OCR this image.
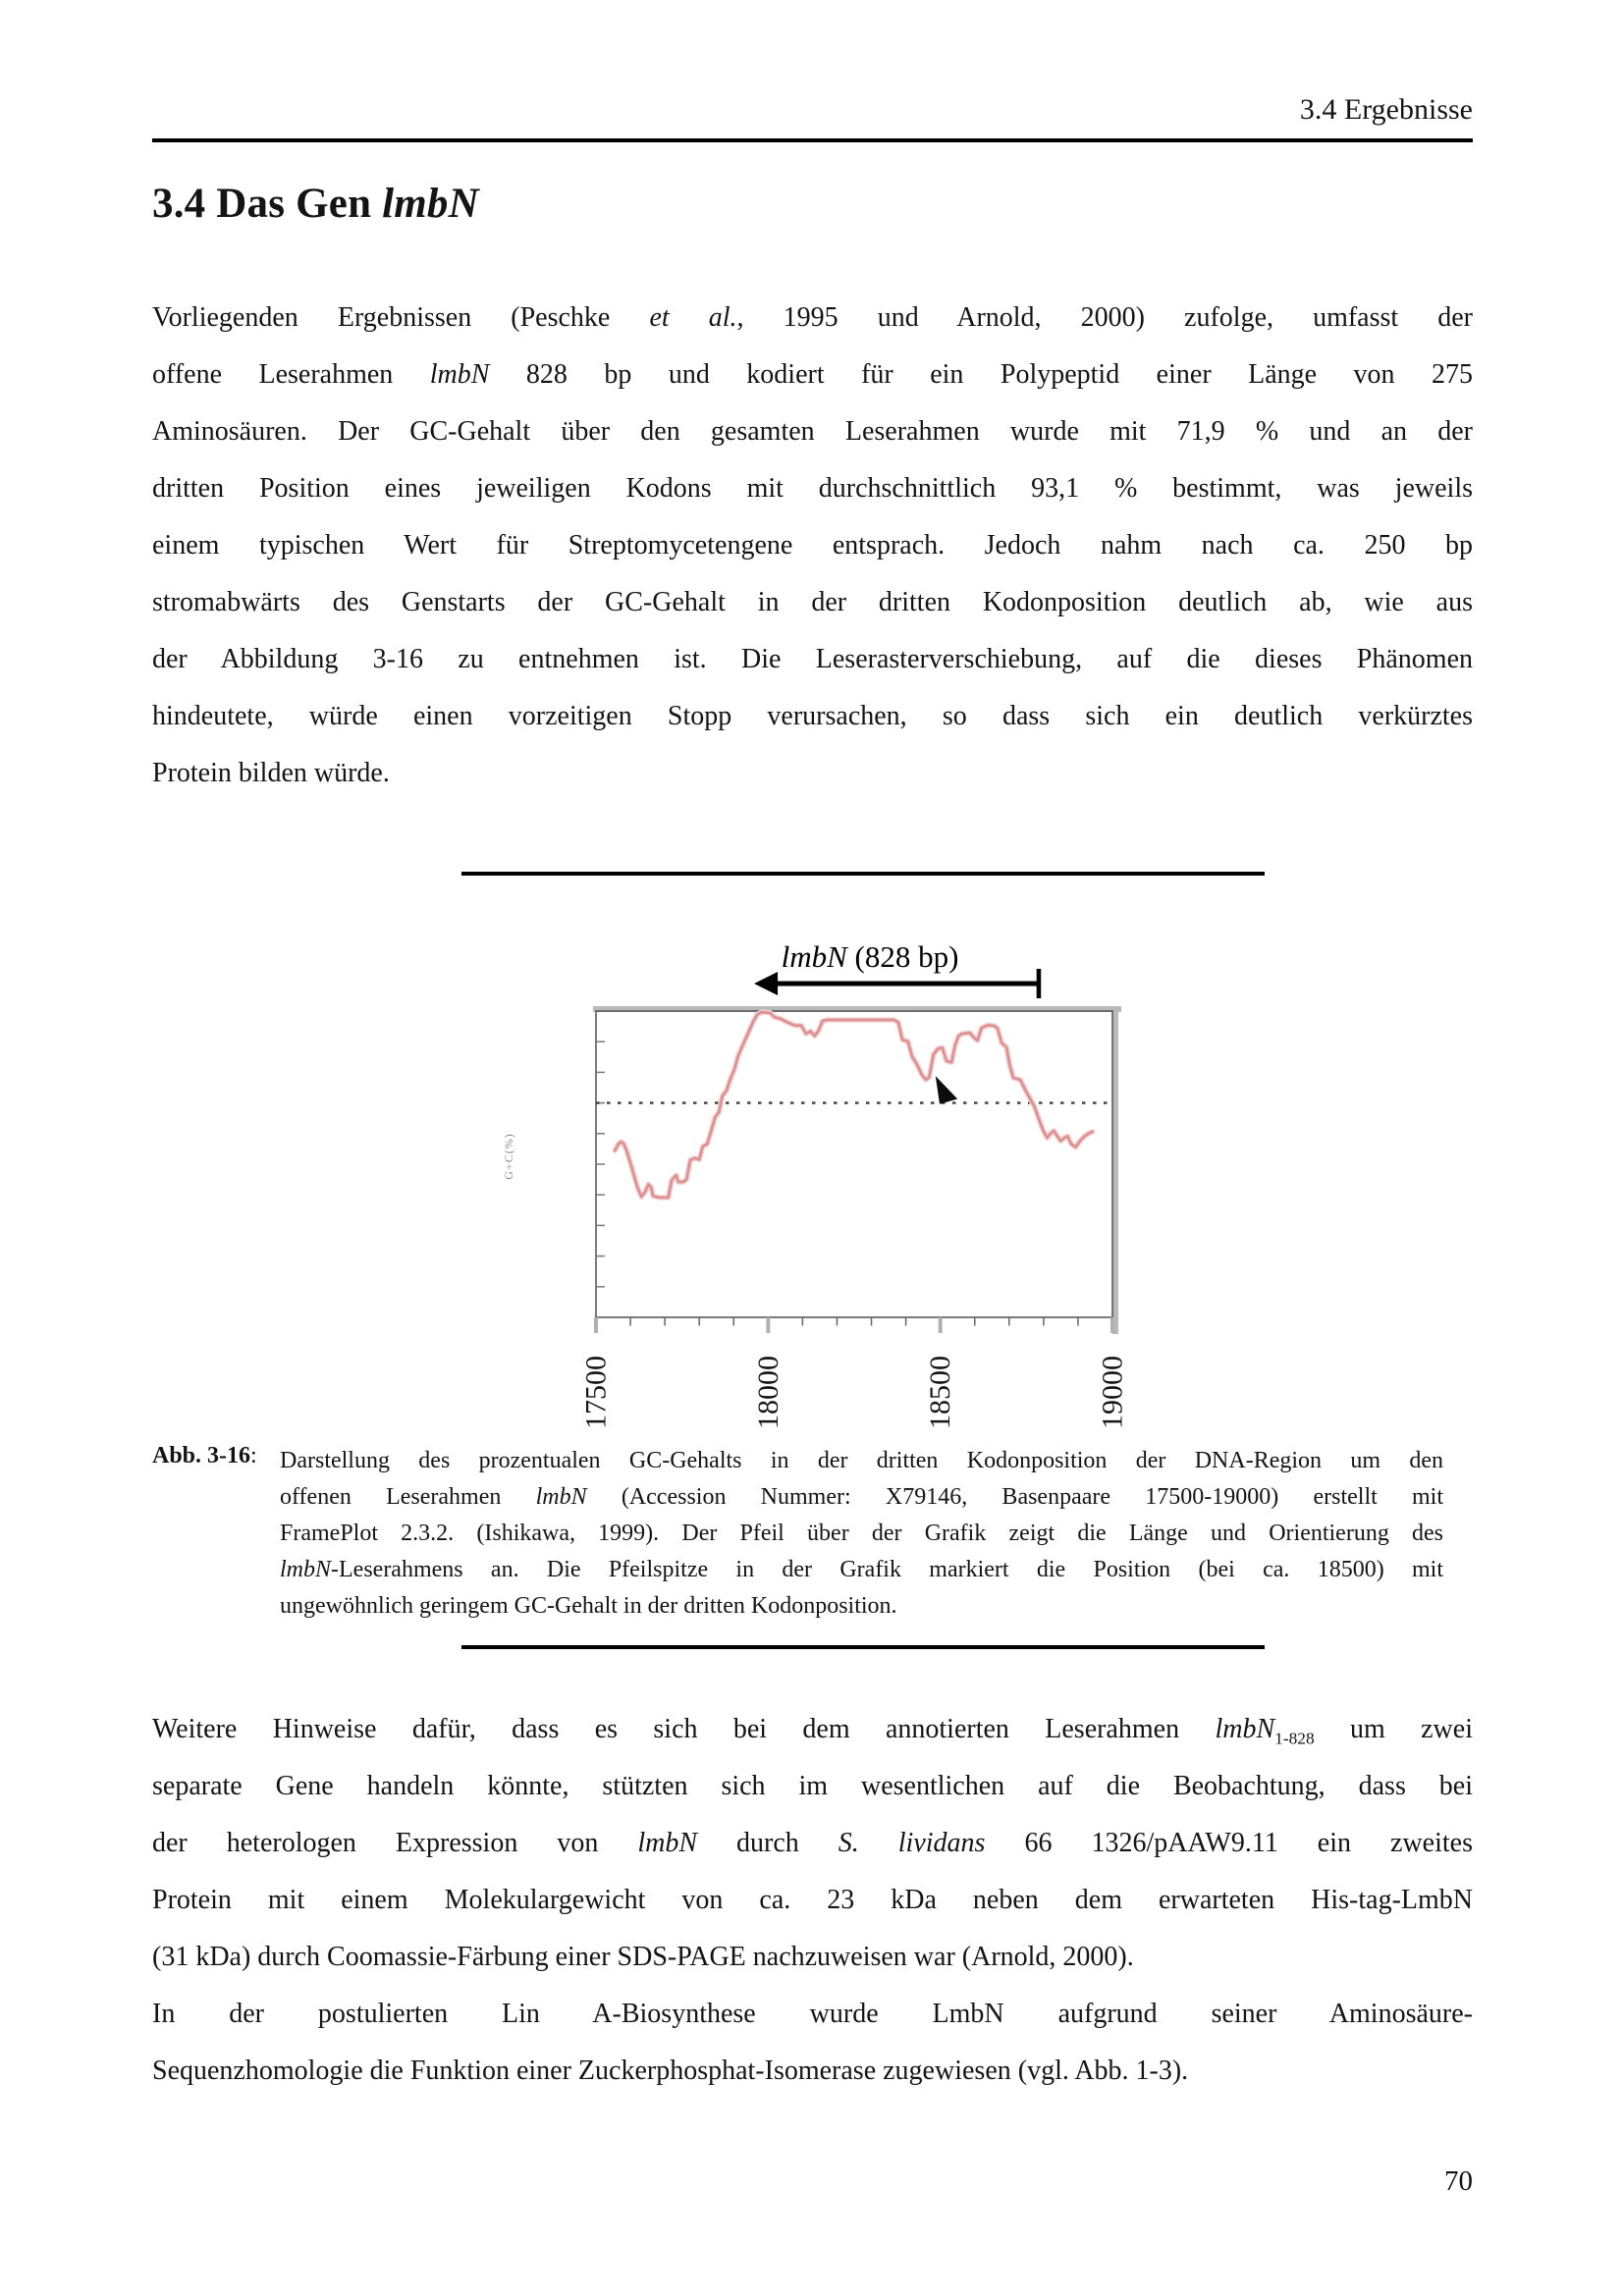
3.4 Ergebnisse
3.4 Das Gen lmbN
Vorliegenden Ergebnissen (Peschke et al., 1995 und Arnold, 2000) zufolge, umfasst der
offene Leserahmen lmbN 828 bp und kodiert für ein Polypeptid einer Länge von 275
Aminosäuren. Der GC-Gehalt über den gesamten Leserahmen wurde mit 71,9 % und an der
dritten Position eines jeweiligen Kodons mit durchschnittlich 93,1 % bestimmt, was jeweils
einem typischen Wert für Streptomycetengene entsprach. Jedoch nahm nach ca. 250 bp
stromabwärts des Genstarts der GC-Gehalt in der dritten Kodonposition deutlich ab, wie aus
der Abbildung 3-16 zu entnehmen ist. Die Leserasterverschiebung, auf die dieses Phänomen
hindeutete, würde einen vorzeitigen Stopp verursachen, so dass sich ein deutlich verkürztes
Protein bilden würde.
17500	18000	18500	19000
G+C(%)
lmbN (828 bp)
Abb. 3-16: Darstellung des prozentualen GC-Gehalts in der dritten Kodonposition der DNA-Region um den
offenen Leserahmen lmbN (Accession Nummer: X79146, Basenpaare 17500-19000) erstellt mit
FramePlot 2.3.2. (Ishikawa, 1999). Der Pfeil über der Grafik zeigt die Länge und Orientierung des
lmbN-Leserahmens an. Die Pfeilspitze in der Grafik markiert die Position (bei ca. 18500) mit
ungewöhnlich geringem GC-Gehalt in der dritten Kodonposition.
Weitere Hinweise dafür, dass es sich bei dem annotierten Leserahmen lmbN$_{1-828}$ um zwei
separate Gene handeln könnte, stützten sich im wesentlichen auf die Beobachtung, dass bei
der heterologen Expression von lmbN durch S. lividans 66 1326/pAAW9.11 ein zweites
Protein mit einem Molekulargewicht von ca. 23 kDa neben dem erwarteten His-tag-LmbN
(31 kDa) durch Coomassie-Färbung einer SDS-PAGE nachzuweisen war (Arnold, 2000).
In der postulierten Lin A-Biosynthese wurde LmbN aufgrund seiner Aminosäure-
Sequenzhomologie die Funktion einer Zuckerphosphat-Isomerase zugewiesen (vgl. Abb. 1-3).
70
